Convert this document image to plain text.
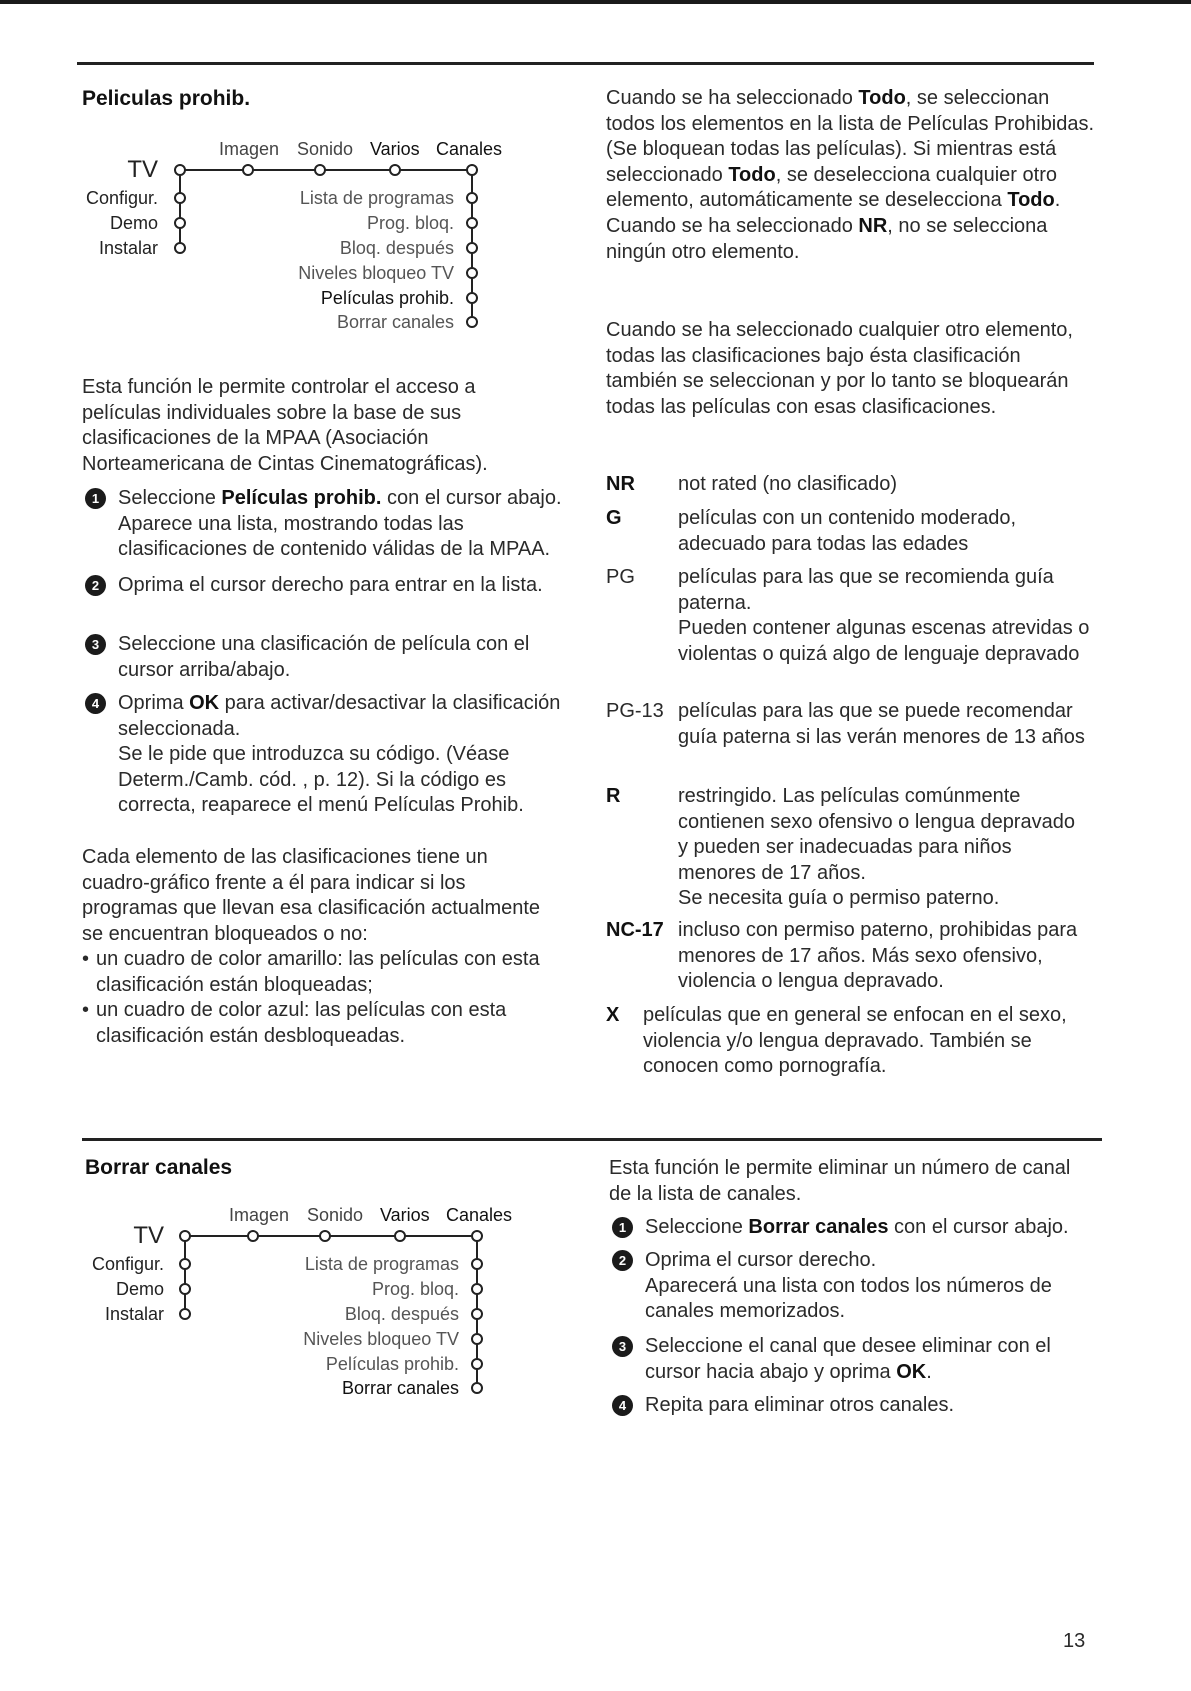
Peliculas prohib.
Imagen Sonido Varios Canales
TV
Configur.
Demo
Instalar
Lista de programas
Prog. bloq.
Bloq. después
Niveles bloqueo TV
Películas prohib.
Borrar canales
Esta función le permite controlar el acceso a películas individuales sobre la base de sus clasificaciones de la MPAA (Asociación Norteamericana de Cintas Cinematográficas).
1 Seleccione Películas prohib. con el cursor abajo. Aparece una lista, mostrando todas las clasificaciones de contenido válidas de la MPAA.
2 Oprima el cursor derecho para entrar en la lista.
3 Seleccione una clasificación de película con el cursor arriba/abajo.
4 Oprima OK para activar/desactivar la clasificación seleccionada.
Se le pide que introduzca su código. (Véase Determ./Camb. cód. , p. 12). Si la código es correcta, reaparece el menú Películas Prohib.
Cada elemento de las clasificaciones tiene un cuadro-gráfico frente a él para indicar si los programas que llevan esa clasificación actualmente se encuentran bloqueados o no:
• un cuadro de color amarillo: las películas con esta clasificación están bloqueadas;
• un cuadro de color azul: las películas con esta clasificación están desbloqueadas.
Cuando se ha seleccionado Todo, se seleccionan todos los elementos en la lista de Películas Prohibidas. (Se bloquean todas las películas). Si mientras está seleccionado Todo, se deselecciona cualquier otro elemento, automáticamente se deselecciona Todo. Cuando se ha seleccionado NR, no se selecciona ningún otro elemento.
Cuando se ha seleccionado cualquier otro elemento, todas las clasificaciones bajo ésta clasificación también se seleccionan y por lo tanto se bloquearán todas las películas con esas clasificaciones.
NR not rated (no clasificado)
G	películas con un contenido moderado, adecuado para todas las edades
PG películas para las que se recomienda guía paterna.
Pueden contener algunas escenas atrevidas o violentas o quizá algo de lenguaje depravado
PG-13 películas para las que se puede recomendar guía paterna si las verán menores de 13 años
R	restringido. Las películas comúnmente contienen sexo ofensivo o lengua depravado y pueden ser inadecuadas para niños menores de 17 años.
Se necesita guía o permiso paterno.
NC-17 incluso con permiso paterno, prohibidas para menores de 17 años. Más sexo ofensivo, violencia o lengua depravado.
X películas que en general se enfocan en el sexo, violencia y/o lengua depravado. También se conocen como pornografía.
Borrar canales
Imagen Sonido Varios Canales
TV
Configur.
Demo
Instalar
Lista de programas
Prog. bloq.
Bloq. después
Niveles bloqueo TV
Películas prohib.
Borrar canales
Esta función le permite eliminar un número de canal de la lista de canales.
1 Seleccione Borrar canales con el cursor abajo.
2 Oprima el cursor derecho.
Aparecerá una lista con todos los números de canales memorizados.
3 Seleccione el canal que desee eliminar con el cursor hacia abajo y oprima OK.
4 Repita para eliminar otros canales.
13
